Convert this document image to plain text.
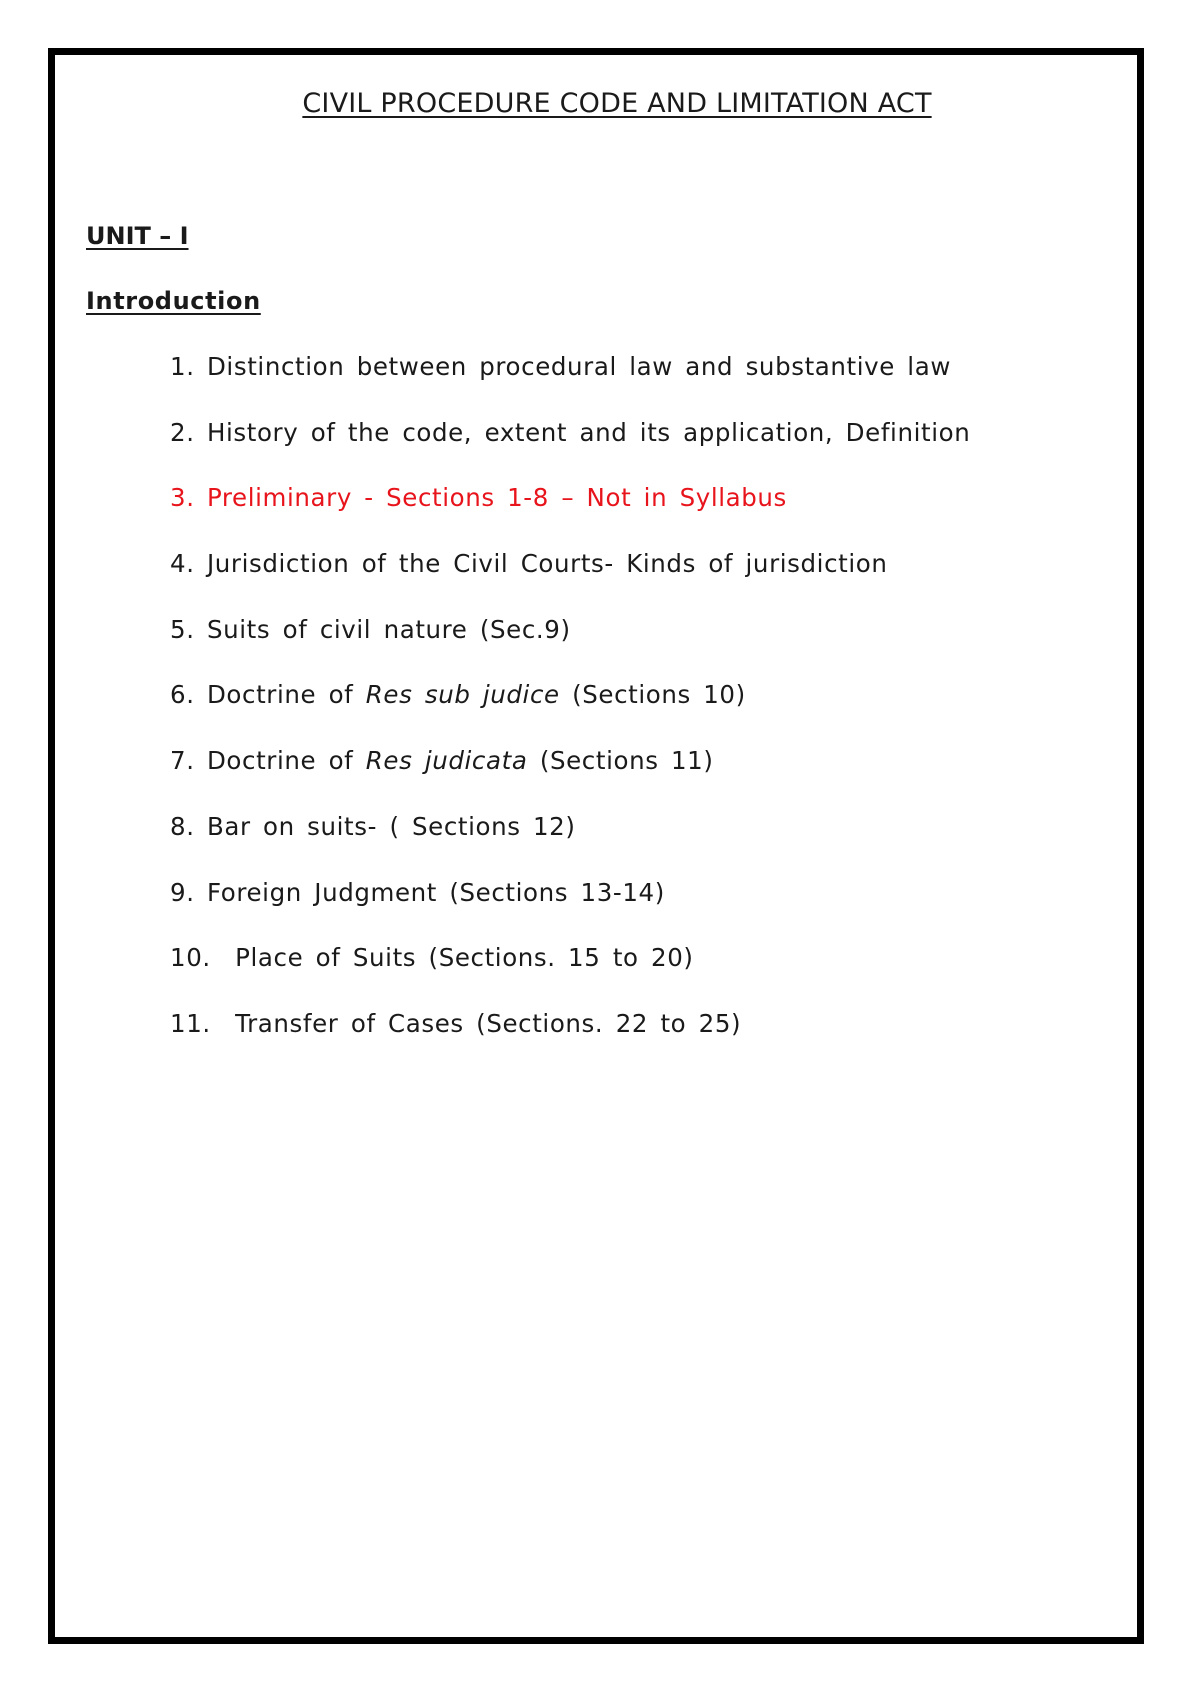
CIVIL PROCEDURE CODE AND LIMITATION ACT
UNIT – I
Introduction
1. Distinction between procedural law and substantive law
2. History of the code, extent and its application, Definition
3. Preliminary - Sections 1-8 – Not in Syllabus
4. Jurisdiction of the Civil Courts- Kinds of jurisdiction
5. Suits of civil nature (Sec.9)
6. Doctrine of Res sub judice (Sections 10)
7. Doctrine of Res judicata (Sections 11)
8. Bar on suits- ( Sections 12)
9. Foreign Judgment (Sections 13-14)
10. Place of Suits (Sections. 15 to 20)
11. Transfer of Cases (Sections. 22 to 25)
